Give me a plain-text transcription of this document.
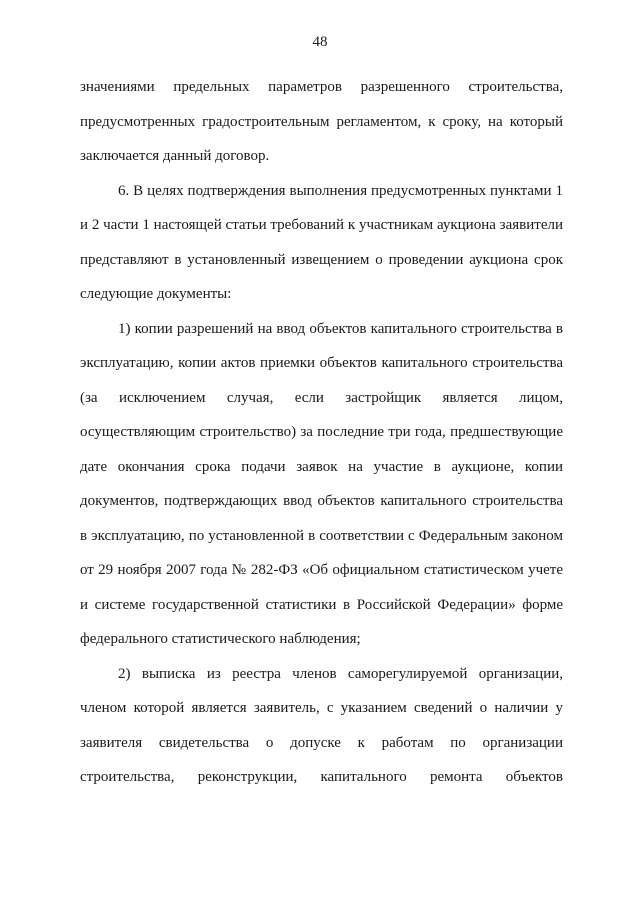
48

значениями предельных параметров разрешенного строительства, предусмотренных градостроительным регламентом, к сроку, на который заключается данный договор.

6. В целях подтверждения выполнения предусмотренных пунктами 1 и 2 части 1 настоящей статьи требований к участникам аукциона заявители представляют в установленный извещением о проведении аукциона срок следующие документы:

1) копии разрешений на ввод объектов капитального строительства в эксплуатацию, копии актов приемки объектов капитального строительства (за исключением случая, если застройщик является лицом, осуществляющим строительство) за последние три года, предшествующие дате окончания срока подачи заявок на участие в аукционе, копии документов, подтверждающих ввод объектов капитального строительства в эксплуатацию, по установленной в соответствии с Федеральным законом от 29 ноября 2007 года № 282-ФЗ «Об официальном статистическом учете и системе государственной статистики в Российской Федерации» форме федерального статистического наблюдения;

2) выписка из реестра членов саморегулируемой организации, членом которой является заявитель, с указанием сведений о наличии у заявителя свидетельства о допуске к работам по организации строительства, реконструкции, капитального ремонта объектов
